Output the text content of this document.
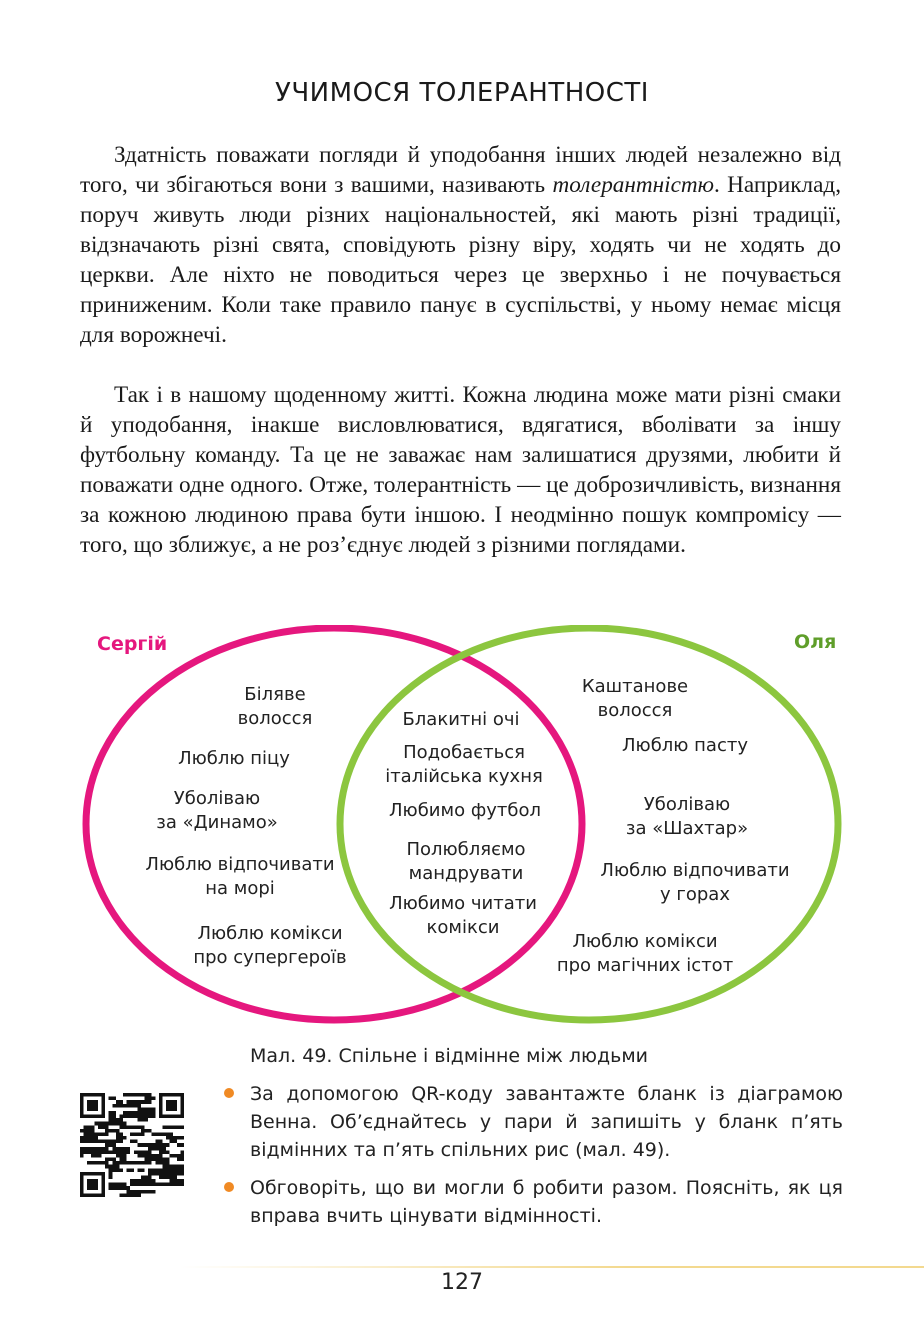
УЧИМОСЯ ТОЛЕРАНТНОСТІ

Здатність поважати погляди й уподобання інших людей незалежно від того, чи збігаються вони з вашими, називають толерантністю. Наприклад, поруч живуть люди різних національностей, які мають різні традиції, відзначають різні свята, сповідують різну віру, ходять чи не ходять до церкви. Але ніхто не поводиться через це зверхньо і не почувається приниженим. Коли таке правило панує в суспільстві, у ньому немає місця для ворожнечі.

Так і в нашому щоденному житті. Кожна людина може мати різні смаки й уподобання, інакше висловлюватися, вдягатися, вболівати за іншу футбольну команду. Та це не заважає нам залишатися друзями, любити й поважати одне одного. Отже, толерантність — це доброзичливість, визнання за кожною людиною права бути іншою. І неодмінно пошук компромісу — того, що зближує, а не роз’єднує людей з різними поглядами.

Сергій	Оля
Біляве
волосся
Люблю піцу
Уболіваю
за «Динамо»
Люблю відпочивати
на морі
Люблю комікси
про супергероїв
Блакитні очі
Подобається
італійська кухня
Любимо футбол
Полюбляємо
мандрувати
Любимо читати
комікси
Каштанове
волосся
Люблю пасту
Уболіваю
за «Шахтар»
Люблю відпочивати
у горах
Люблю комікси
про магічних істот
Мал. 49. Спільне і відмінне між людьми
За допомогою QR-коду завантажте бланк із діаграмою Венна. Об’єднайтесь у пари й запишіть у бланк п’ять відмінних та п’ять спільних рис (мал. 49).
Обговоріть, що ви могли б робити разом. Поясніть, як ця вправа вчить цінувати відмінності.
127
